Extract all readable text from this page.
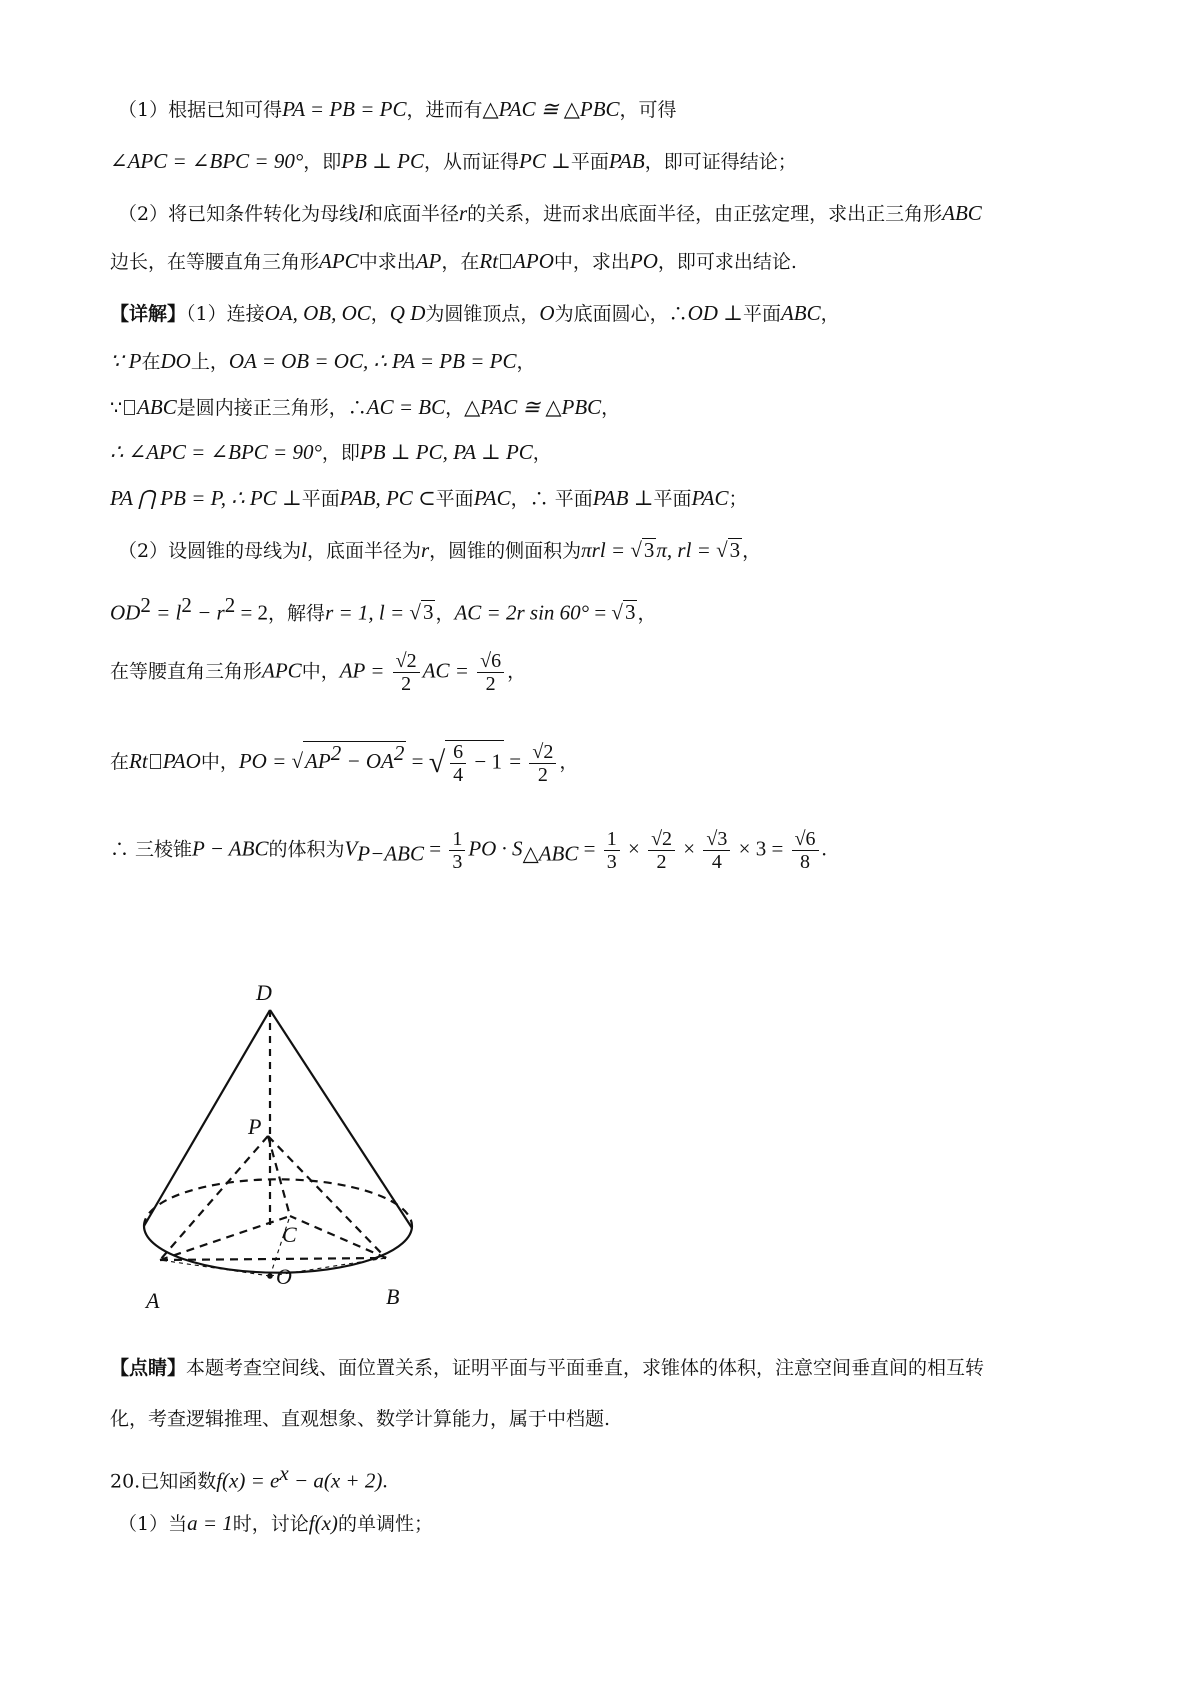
（1）根据已知可得PA = PB = PC，进而有△PAC ≅ △PBC，可得
∠APC = ∠BPC = 90°，即PB ⊥ PC，从而证得PC ⊥平面PAB，即可证得结论；
（2）将已知条件转化为母线l和底面半径r的关系，进而求出底面半径，由正弦定理，求出正三角形ABC
边长，在等腰直角三角形APC中求出AP，在Rt APO中，求出PO，即可求出结论.
【详解】（1）连接OA, OB, OC，Q D为圆锥顶点，O为底面圆心，∴OD ⊥平面ABC，
∵ P在DO上，OA = OB = OC, ∴ PA = PB = PC，
∵ ABC是圆内接正三角形，∴AC = BC，△PAC ≅ △PBC，
∴ ∠APC = ∠BPC = 90°，即PB ⊥ PC, PA ⊥ PC，
PA ⋂ PB = P, ∴ PC ⊥平面PAB, PC ⊂平面PAC，∴ 平面PAB ⊥平面PAC；
（2）设圆锥的母线为l，底面半径为r，圆锥的侧面积为πrl = √3π, rl = √3 ，
$OD^2 = l^2 - r^2 = 2$，解得r = 1, l = √3 ，AC = 2r sin 60° = √3 ，
在等腰直角三角形APC中，AP = $\frac{√2}{2}$ AC = $\frac{√6}{2}$ ，
在Rt PAO中，PO = $√AP^2 - OA^2$ = √ $\frac{6}{4} - 1 = \frac{√2}{2}$ ，
∴ 三棱锥P − ABC的体积为$V_{P-ABC} = \frac{1}{3}$ PO · $S_{\triangle ABC} = \frac{1}{3} \times \frac{√2}{2} \times \frac{√3}{4} \times 3 = \frac{√6}{8}$ .
D
P
C
O
A	B
【点睛】本题考查空间线、面位置关系，证明平面与平面垂直，求锥体的体积，注意空间垂直间的相互转
化，考查逻辑推理、直观想象、数学计算能力，属于中档题.
20.已知函数$f(x) = e^x - a(x + 2)$.
（1）当a = 1时，讨论f(x)的单调性；
